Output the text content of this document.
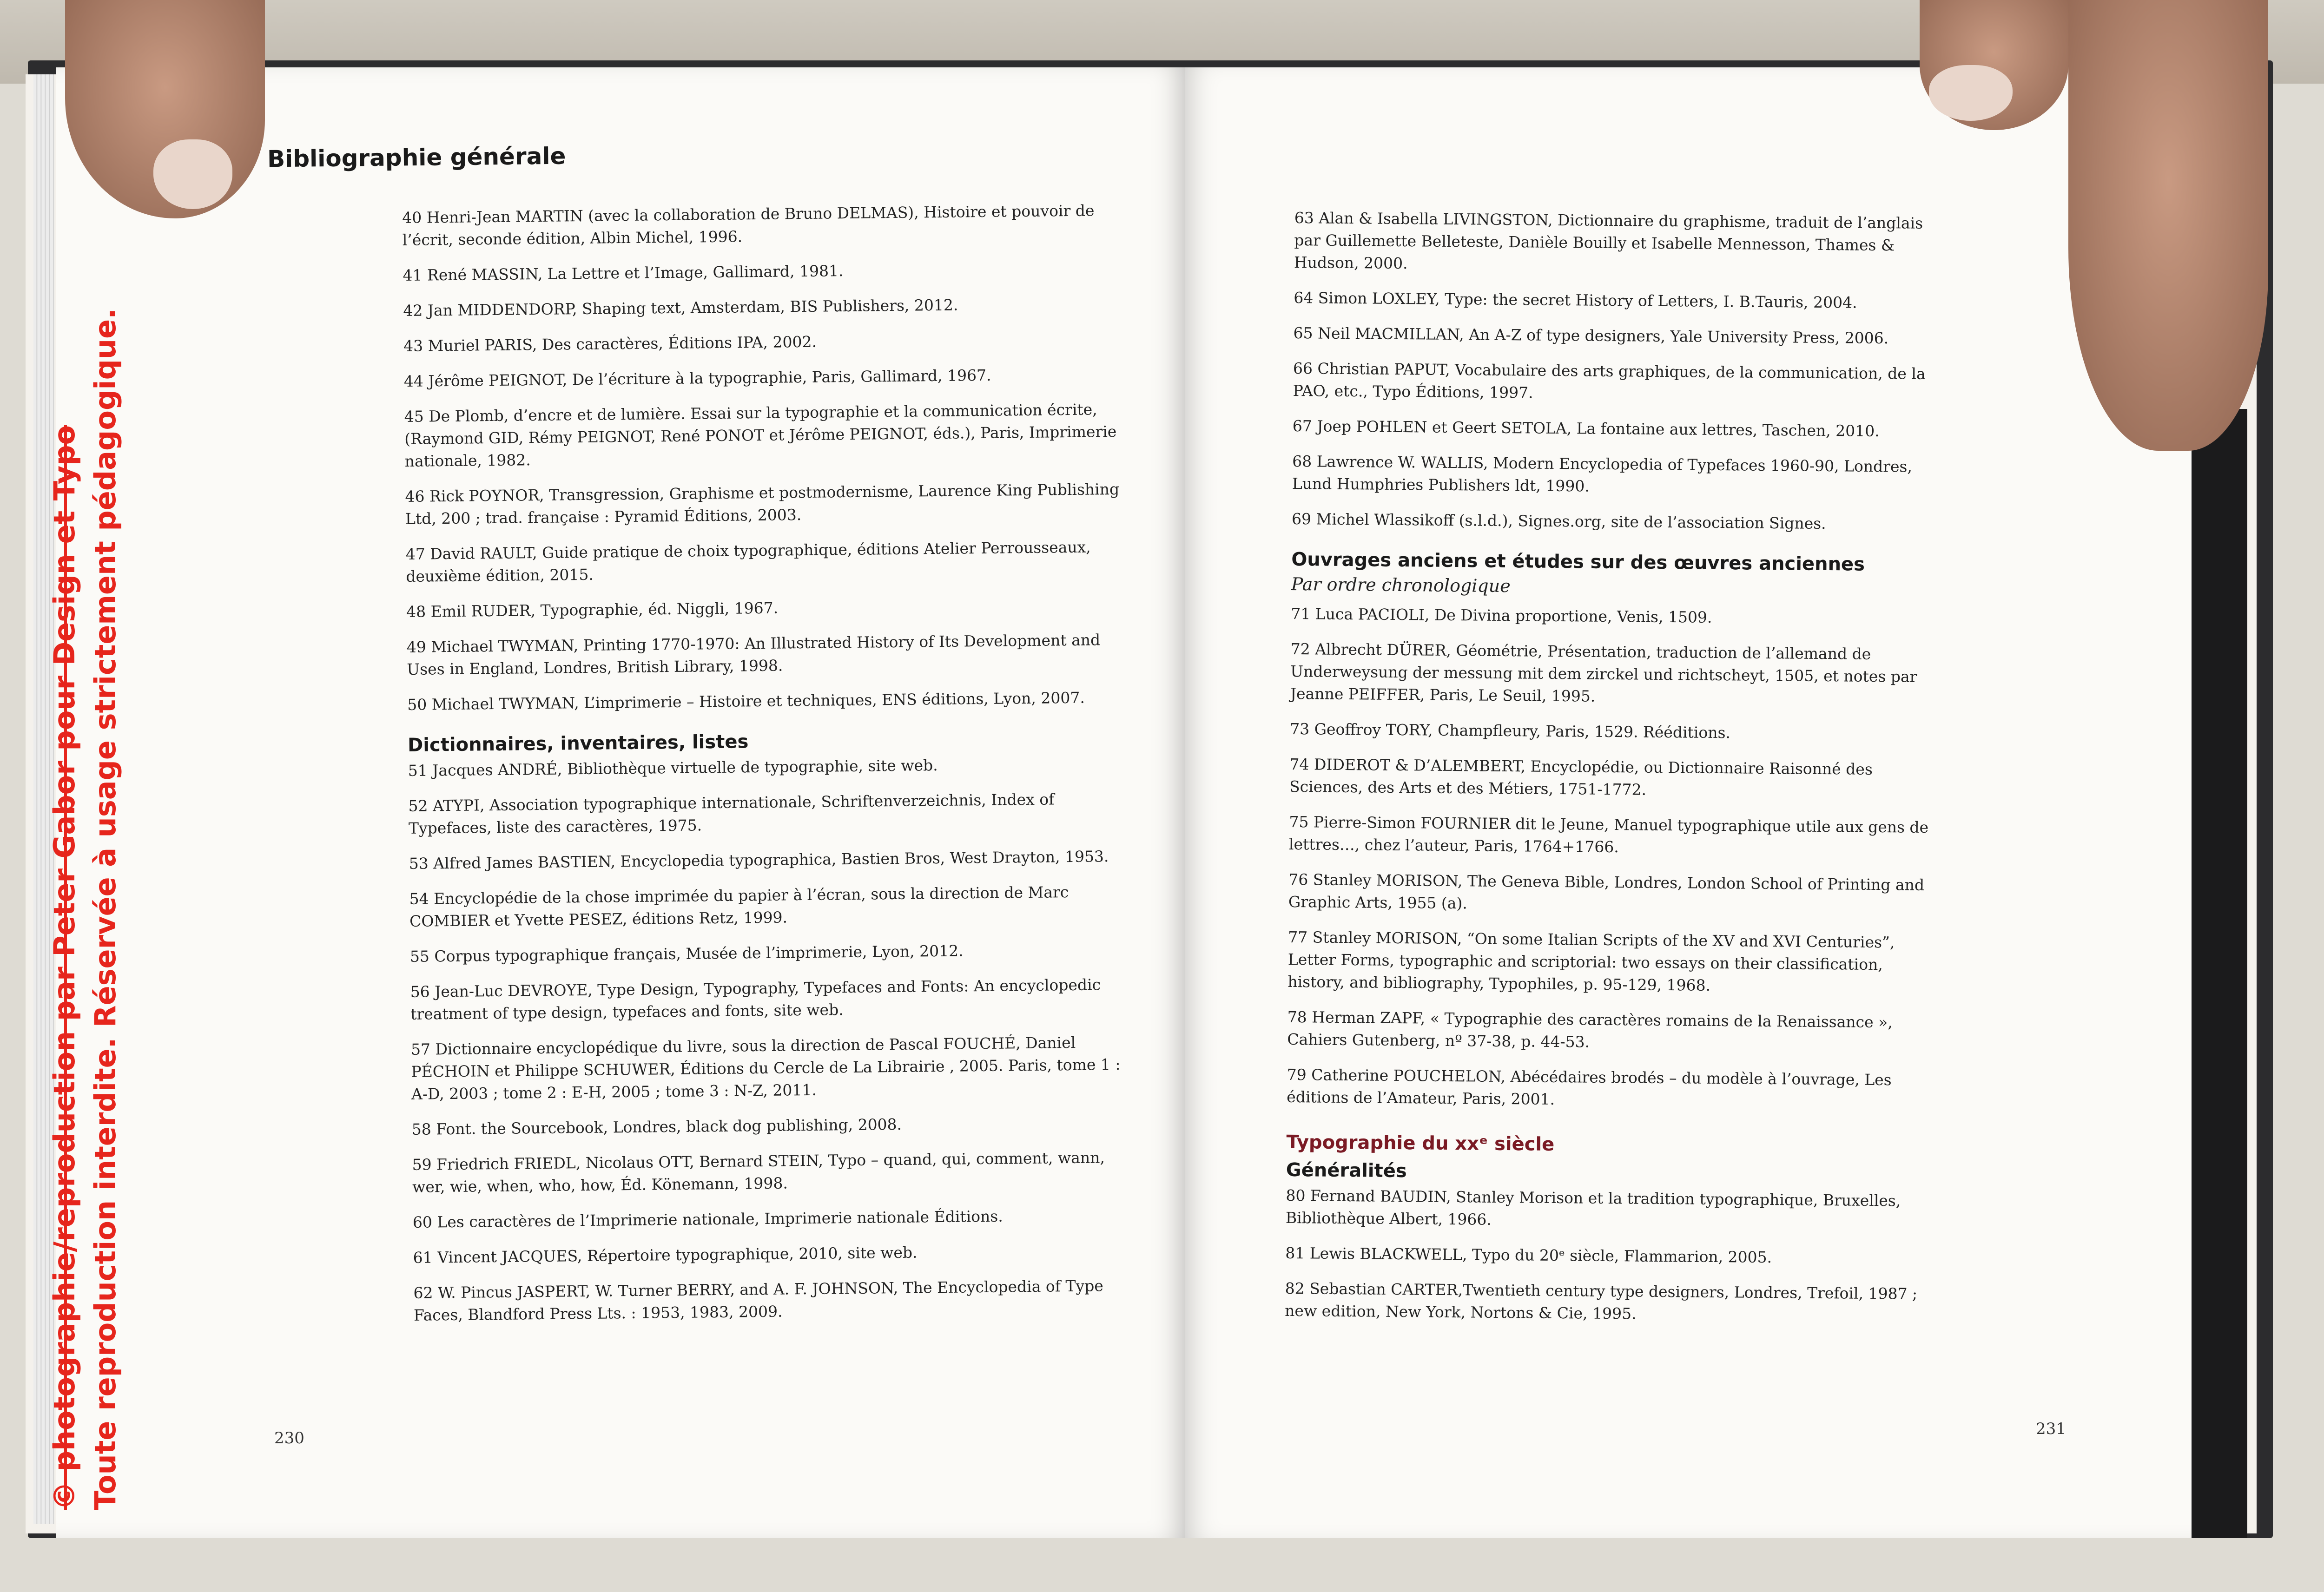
Bibliographie générale
40 Henri-Jean MARTIN (avec la collaboration de Bruno DELMAS), Histoire et pouvoir de l’écrit, seconde édition, Albin Michel, 1996.
41 René MASSIN, La Lettre et l’Image, Gallimard, 1981.
42 Jan MIDDENDORP, Shaping text, Amsterdam, BIS Publishers, 2012.
43 Muriel PARIS, Des caractères, Éditions IPA, 2002.
44 Jérôme PEIGNOT, De l’écriture à la typographie, Paris, Gallimard, 1967.
45 De Plomb, d’encre et de lumière. Essai sur la typographie et la communication écrite, (Raymond GID, Rémy PEIGNOT, René PONOT et Jérôme PEIGNOT, éds.), Paris, Imprimerie nationale, 1982.
46 Rick POYNOR, Transgression, Graphisme et postmodernisme, Laurence King Publishing Ltd, 200 ; trad. française : Pyramid Éditions, 2003.
47 David RAULT, Guide pratique de choix typographique, éditions Atelier Perrousseaux, deuxième édition, 2015.
48 Emil RUDER, Typographie, éd. Niggli, 1967.
49 Michael TWYMAN, Printing 1770-1970: An Illustrated History of Its Development and Uses in England, Londres, British Library, 1998.
50 Michael TWYMAN, L’imprimerie – Histoire et techniques, ENS éditions, Lyon, 2007.
Dictionnaires, inventaires, listes
51 Jacques ANDRÉ, Bibliothèque virtuelle de typographie, site web.
52 ATYPI, Association typographique internationale, Schriftenverzeichnis, Index of Typefaces, liste des caractères, 1975.
53 Alfred James BASTIEN, Encyclopedia typographica, Bastien Bros, West Drayton, 1953.
54 Encyclopédie de la chose imprimée du papier à l’écran, sous la direction de Marc COMBIER et Yvette PESEZ, éditions Retz, 1999.
55 Corpus typographique français, Musée de l’imprimerie, Lyon, 2012.
56 Jean-Luc DEVROYE, Type Design, Typography, Typefaces and Fonts: An encyclopedic treatment of type design, typefaces and fonts, site web.
57 Dictionnaire encyclopédique du livre, sous la direction de Pascal FOUCHÉ, Daniel PÉCHOIN et Philippe SCHUWER, Éditions du Cercle de La Librairie , 2005. Paris, tome 1 : A-D, 2003 ; tome 2 : E-H, 2005 ; tome 3 : N-Z, 2011.
58 Font. the Sourcebook, Londres, black dog publishing, 2008.
59 Friedrich FRIEDL, Nicolaus OTT, Bernard STEIN, Typo – quand, qui, comment, wann, wer, wie, when, who, how, Éd. Könemann, 1998.
60 Les caractères de l’Imprimerie nationale, Imprimerie nationale Éditions.
61 Vincent JACQUES, Répertoire typographique, 2010, site web.
62 W. Pincus JASPERT, W. Turner BERRY, and A. F. JOHNSON, The Encyclopedia of Type Faces, Blandford Press Lts. : 1953, 1983, 2009.
230
63 Alan & Isabella LIVINGSTON, Dictionnaire du graphisme, traduit de l’anglais par Guillemette Belleteste, Danièle Bouilly et Isabelle Mennesson, Thames & Hudson, 2000.
64 Simon LOXLEY, Type: the secret History of Letters, I. B.Tauris, 2004.
65 Neil MACMILLAN, An A-Z of type designers, Yale University Press, 2006.
66 Christian PAPUT, Vocabulaire des arts graphiques, de la communication, de la PAO, etc., Typo Éditions, 1997.
67 Joep POHLEN et Geert SETOLA, La fontaine aux lettres, Taschen, 2010.
68 Lawrence W. WALLIS, Modern Encyclopedia of Typefaces 1960-90, Londres, Lund Humphries Publishers ldt, 1990.
69 Michel Wlassikoff (s.l.d.), Signes.org, site de l’association Signes.
Ouvrages anciens et études sur des œuvres anciennes
Par ordre chronologique
71 Luca PACIOLI, De Divina proportione, Venis, 1509.
72 Albrecht DÜRER, Géométrie, Présentation, traduction de l’allemand de Underweysung der messung mit dem zirckel und richtscheyt, 1505, et notes par Jeanne PEIFFER, Paris, Le Seuil, 1995.
73 Geoffroy TORY, Champfleury, Paris, 1529. Rééditions.
74 DIDEROT & D’ALEMBERT, Encyclopédie, ou Dictionnaire Raisonné des Sciences, des Arts et des Métiers, 1751-1772.
75 Pierre-Simon FOURNIER dit le Jeune, Manuel typographique utile aux gens de lettres…, chez l’auteur, Paris, 1764+1766.
76 Stanley MORISON, The Geneva Bible, Londres, London School of Printing and Graphic Arts, 1955 (a).
77 Stanley MORISON, “On some Italian Scripts of the XV and XVI Centuries”, Letter Forms, typographic and scriptorial: two essays on their classification, history, and bibliography, Typophiles, p. 95-129, 1968.
78 Herman ZAPF, « Typographie des caractères romains de la Renaissance », Cahiers Gutenberg, nº 37-38, p. 44-53.
79 Catherine POUCHELON, Abécédaires brodés – du modèle à l’ouvrage, Les éditions de l’Amateur, Paris, 2001.
Typographie du xxᵉ siècle
Généralités
80 Fernand BAUDIN, Stanley Morison et la tradition typographique, Bruxelles, Bibliothèque Albert, 1966.
81 Lewis BLACKWELL, Typo du 20ᵉ siècle, Flammarion, 2005.
82 Sebastian CARTER,Twentieth century type designers, Londres, Trefoil, 1987 ; new edition, New York, Nortons & Cie, 1995.
231
© photographie/reproduction par Peter Gabor pour Design et Typo Toute reproduction interdite. Réservée à usage strictement pédagogique.
